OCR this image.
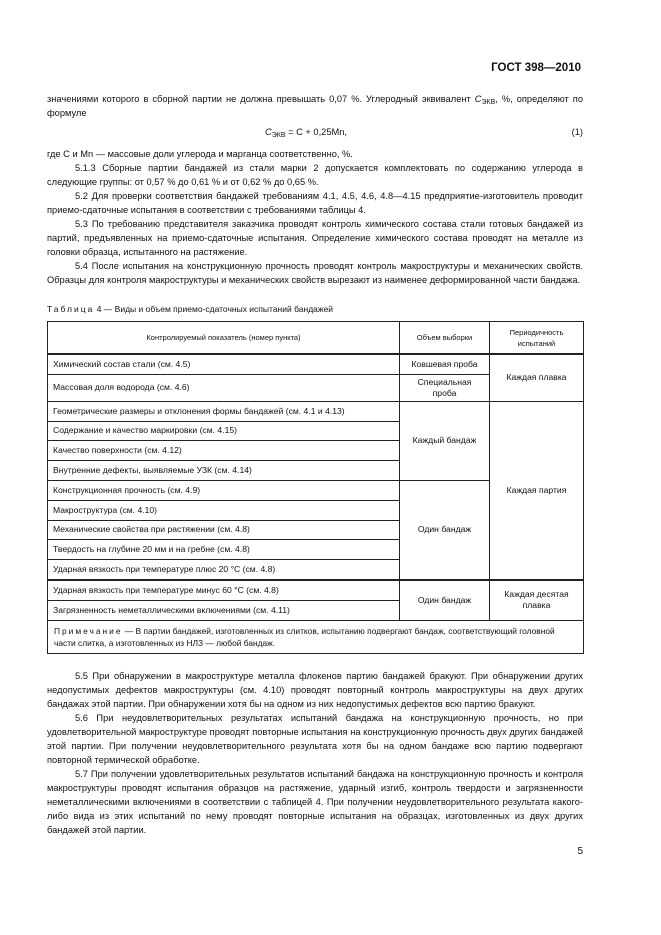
ГОСТ 398—2010

значениями которого в сборной партии не должна превышать 0,07 %. Углеродный эквивалент $C_{ЭКВ}$, %, определяют по формуле

$C_{ЭКВ} = C + 0,25Mn$,	(1)

где C и Mn — массовые доли углерода и марганца соответственно, %.

5.1.3 Сборные партии бандажей из стали марки 2 допускается комплектовать по содержанию углерода в следующие группы: от 0,57 % до 0,61 % и от 0,62 % до 0,65 %.

5.2 Для проверки соответствия бандажей требованиям 4.1, 4.5, 4.6, 4.8—4.15 предприятие-изготовитель проводит приемо-сдаточные испытания в соответствии с требованиями таблицы 4.

5.3 По требованию представителя заказчика проводят контроль химического состава стали готовых бандажей из партий, предъявленных на приемо-сдаточные испытания. Определение химического состава проводят на металле из головки образца, испытанного на растяжение.

5.4 После испытания на конструкционную прочность проводят контроль макроструктуры и механических свойств. Образцы для контроля макроструктуры и механических свойств вырезают из наименее деформированной части бандажа.

Таблица 4 — Виды и объем приемо-сдаточных испытаний бандажей
Контролируемый показатель (номер пункта)	Объем выборки	Периодичность испытаний
Химический состав стали (см. 4.5)	Ковшевая проба	Каждая плавка
Массовая доля водорода (см. 4.6)	Специальная проба	
Геометрические размеры и отклонения формы бандажей (см. 4.1 и 4.13)	Каждый бандаж	Каждая партия
Содержание и качество маркировки (см. 4.15)		
Качество поверхности (см. 4.12)		
Внутренние дефекты, выявляемые УЗК (см. 4.14)		
Конструкционная прочность (см. 4.9)	Один бандаж	
Макроструктура (см. 4.10)		
Механические свойства при растяжении (см. 4.8)		
Твердость на глубине 20 мм и на гребне (см. 4.8)		
Ударная вязкость при температуре плюс 20 °С (см. 4.8)		
Ударная вязкость при температуре минус 60 °С (см. 4.8)	Один бандаж	Каждая десятая плавка
Загрязненность неметаллическими включениями (см. 4.11)		
Примечание — В партии бандажей, изготовленных из слитков, испытанию подвергают бандаж, соответствующий головной части слитка, а изготовленных из НЛЗ — любой бандаж.		

5.5 При обнаружении в макроструктуре металла флокенов партию бандажей бракуют. При обнаружении других недопустимых дефектов макроструктуры (см. 4.10) проводят повторный контроль макроструктуры на двух других бандажах этой партии. При обнаружении хотя бы на одном из них недопустимых дефектов всю партию бракуют.

5.6 При неудовлетворительных результатах испытаний бандажа на конструкционную прочность, но при удовлетворительной макроструктуре проводят повторные испытания на конструкционную прочность двух других бандажей этой партии. При получении неудовлетворительного результата хотя бы на одном бандаже всю партию подвергают повторной термической обработке.

5.7 При получении удовлетворительных результатов испытаний бандажа на конструкционную прочность и контроля макроструктуры проводят испытания образцов на растяжение, ударный изгиб, контроль твердости и загрязненности неметаллическими включениями в соответствии с таблицей 4. При получении неудовлетворительного результата какого-либо вида из этих испытаний по нему проводят повторные испытания на образцах, изготовленных из двух других бандажей этой партии.

5
